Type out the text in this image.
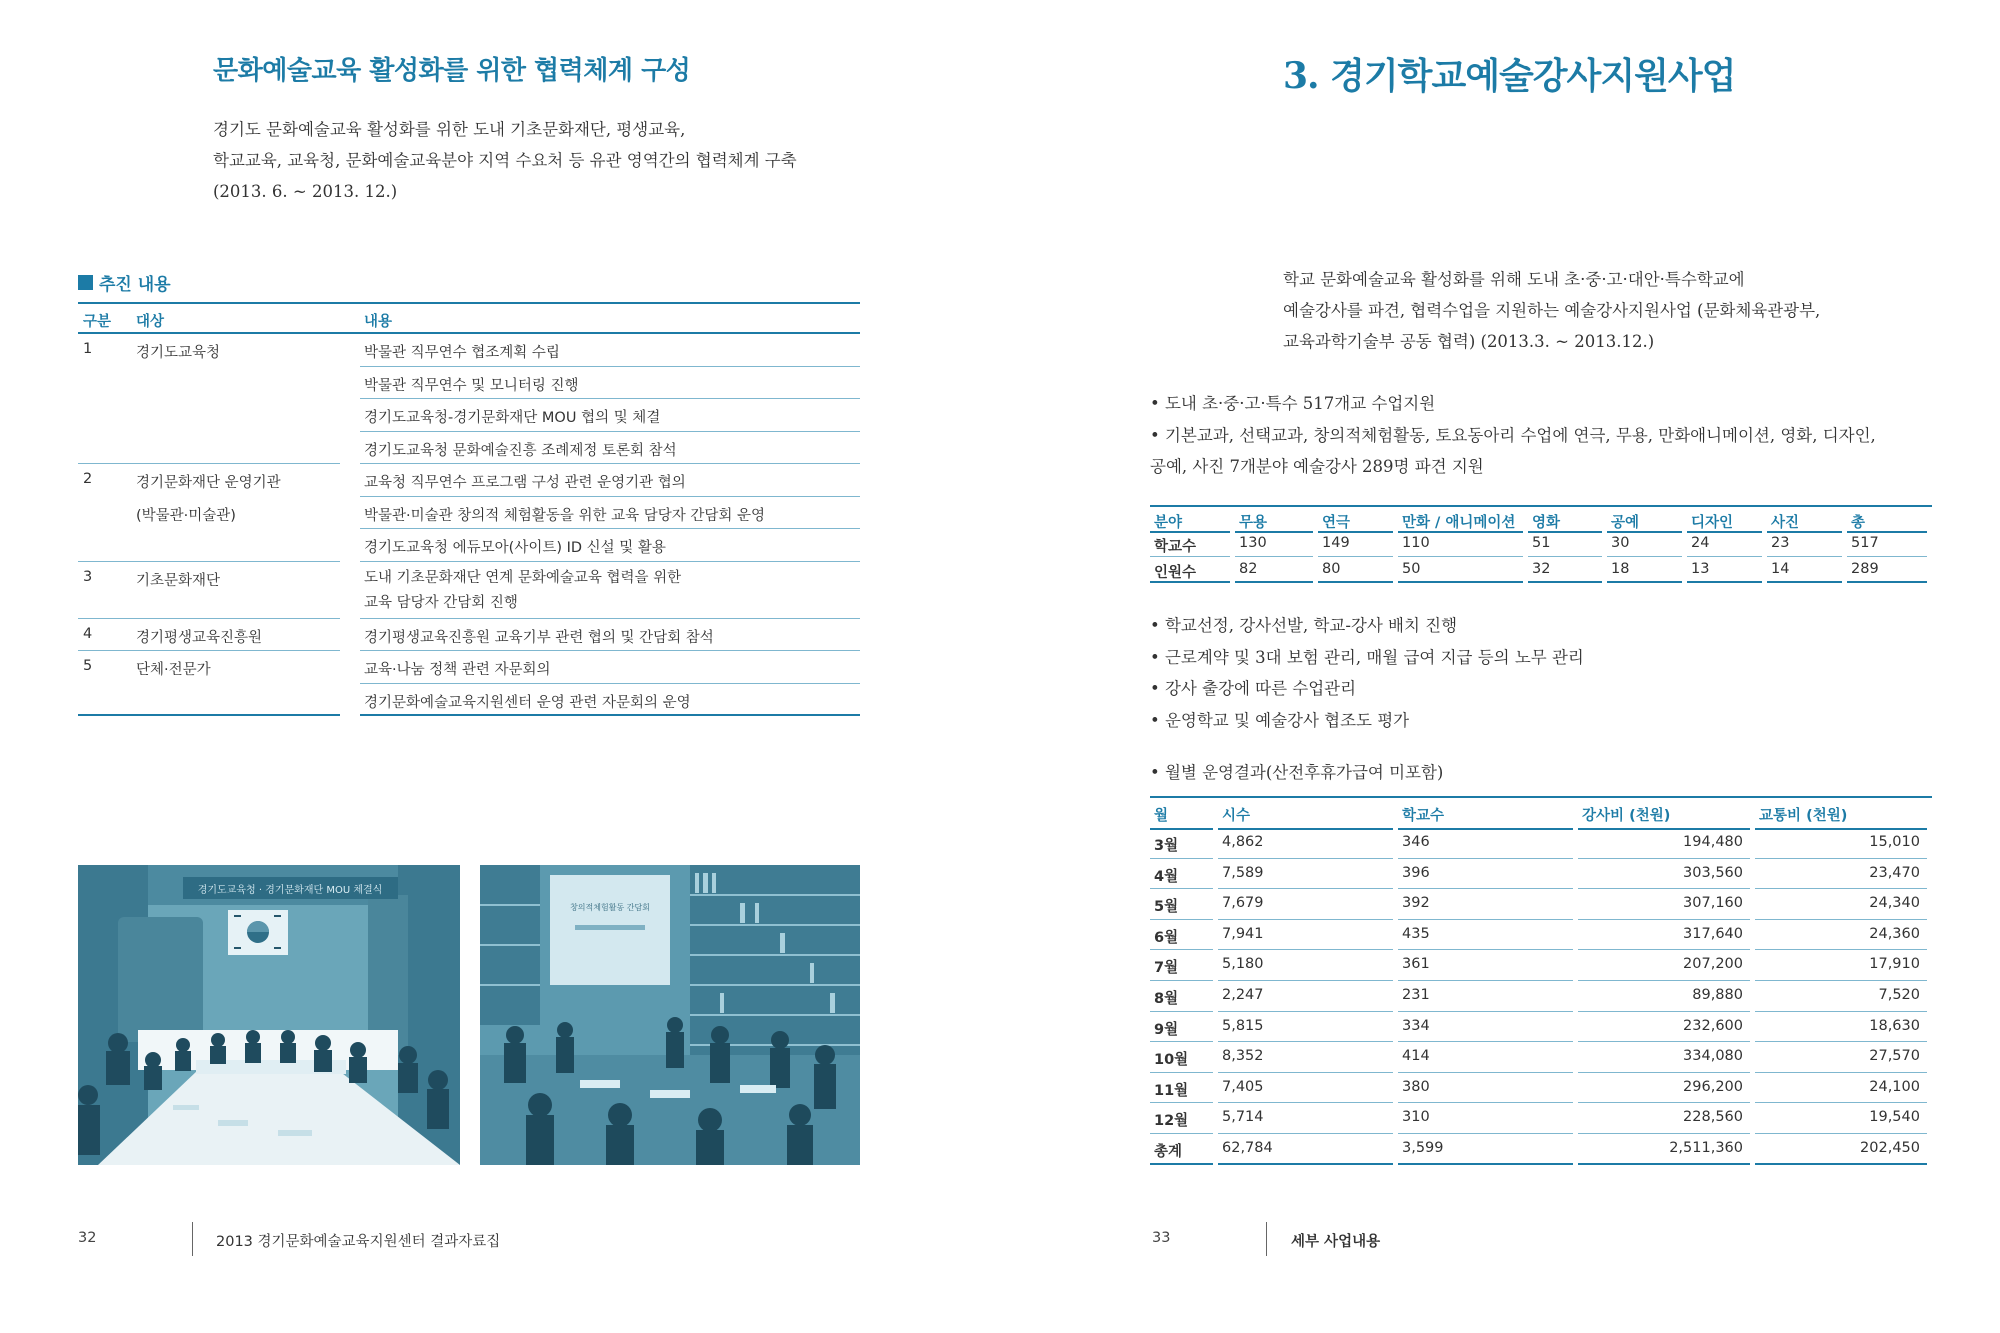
문화예술교육 활성화를 위한 협력체계 구성
경기도 문화예술교육 활성화를 위한 도내 기초문화재단, 평생교육,
학교교육, 교육청, 문화예술교육분야 지역 수요처 등 유관 영역간의 협력체계 구축
(2013. 6. ~ 2013. 12.)
추진 내용
구분 대상	내용
1	경기도교육청	박물관 직무연수 협조계획 수립
박물관 직무연수 및 모니터링 진행
경기도교육청-경기문화재단 MOU 협의 및 체결
경기도교육청 문화예술진흥 조례제정 토론회 참석
2	경기문화재단 운영기관	교육청 직무연수 프로그램 구성 관련 운영기관 협의
(박물관·미술관)	박물관·미술관 창의적 체험활동을 위한 교육 담당자 간담회 운영
경기도교육청 에듀모아(사이트) ID 신설 및 활용
3	기초문화재단	도내 기초문화재단 연계 문화예술교육 협력을 위한
교육 담당자 간담회 진행
4	경기평생교육진흥원	경기평생교육진흥원 교육기부 관련 협의 및 간담회 참석
5	단체·전문가	교육·나눔 정책 관련 자문회의
경기문화예술교육지원센터 운영 관련 자문회의 운영
경기도교육청 · 경기문화재단 MOU 체결식
창의적체험활동 간담회
32	2013 경기문화예술교육지원센터 결과자료집
3. 경기학교예술강사지원사업
학교 문화예술교육 활성화를 위해 도내 초·중·고·대안·특수학교에
예술강사를 파견, 협력수업을 지원하는 예술강사지원사업 (문화체육관광부,
교육과학기술부 공동 협력) (2013.3. ~ 2013.12.)
• 도내 초·중·고·특수 517개교 수업지원
• 기본교과, 선택교과, 창의적체험활동, 토요동아리 수업에 연극, 무용, 만화애니메이션, 영화, 디자인,
공예, 사진 7개분야 예술강사 289명 파견 지원
분야	무용	연극	만화 / 애니메이션	영화	공예	디자인	사진	총
학교수	130	149	110	51	30	24	23	517
인원수	82	80	50	32	18	13	14	289
• 학교선정, 강사선발, 학교-강사 배치 진행
• 근로계약 및 3대 보험 관리, 매월 급여 지급 등의 노무 관리
• 강사 출강에 따른 수업관리
• 운영학교 및 예술강사 협조도 평가
• 월별 운영결과(산전후휴가급여 미포함)
월	시수	학교수	강사비 (천원)	교통비 (천원)
3월	4,862	346	194,480	15,010
4월	7,589	396	303,560	23,470
5월	7,679	392	307,160	24,340
6월	7,941	435	317,640	24,360
7월	5,180	361	207,200	17,910
8월	2,247	231	89,880	7,520
9월	5,815	334	232,600	18,630
10월	8,352	414	334,080	27,570
11월	7,405	380	296,200	24,100
12월	5,714	310	228,560	19,540
총계	62,784	3,599	2,511,360	202,450
33	세부 사업내용
